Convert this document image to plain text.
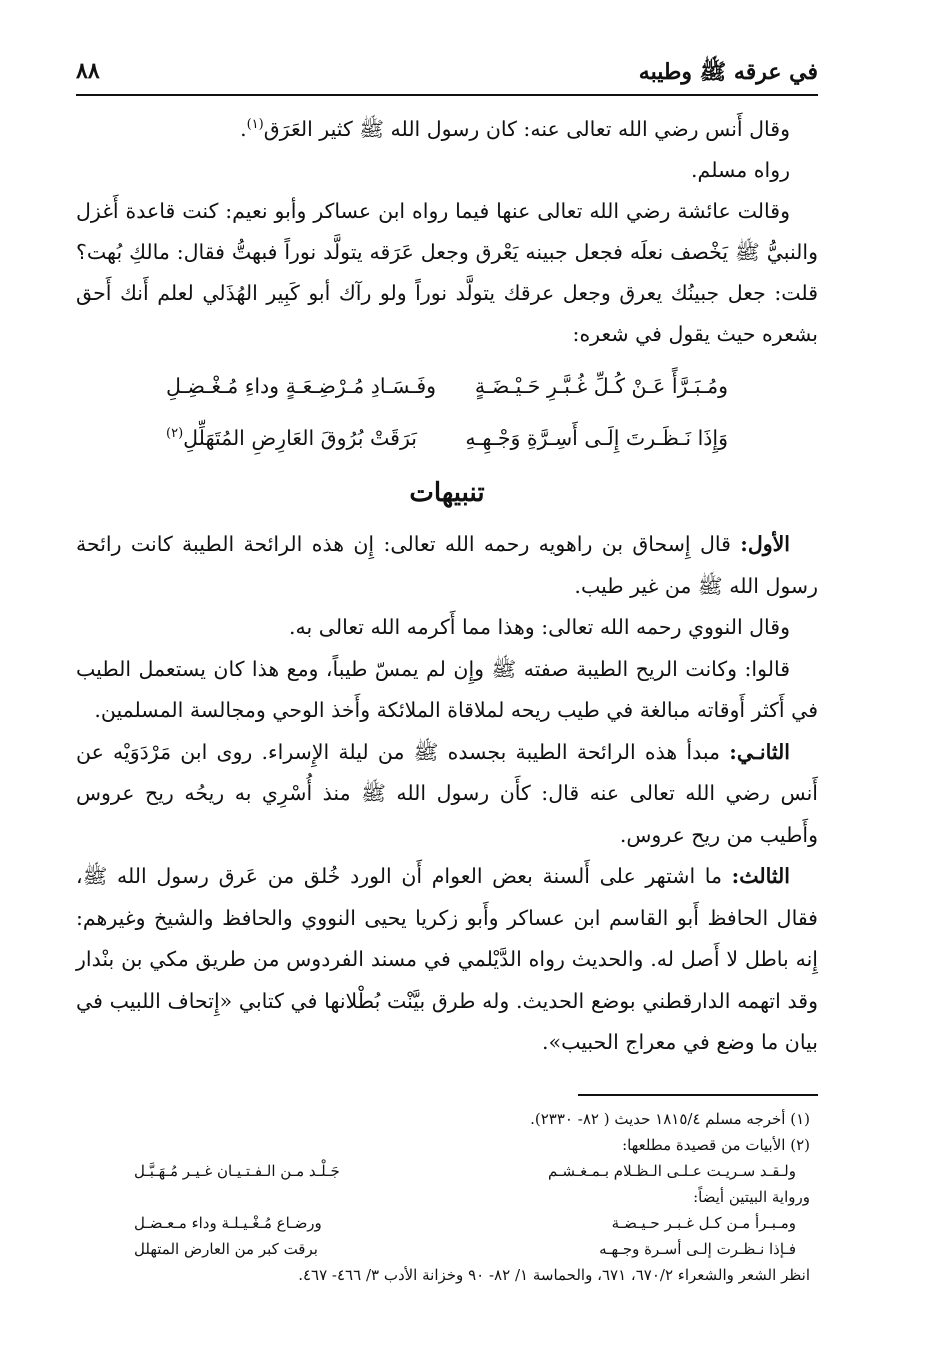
في عرقه ﷺ وطيبه
٨٨

وقال أَنس رضي الله تعالى عنه: كان رسول الله ﷺ كثير العَرَق$^{(١)}$.

رواه مسلم.

وقالت عائشة رضي الله تعالى عنها فيما رواه ابن عساكر وأبو نعيم: كنت قاعدة أَغزل والنبيُّ ﷺ يَخْصف نعلَه فجعل جبينه يَعْرق وجعل عَرَقه يتولَّد نوراً فبهتُّ فقال: مالكِ بُهت؟ قلت: جعل جبينُك يعرق وجعل عرقك يتولَّد نوراً ولو رآك أبو كَبِير الهُذَلي لعلم أَنك أَحق بشعره حيث يقول في شعره:

ومُـبَـرَّأً عَـنْ كُـلِّ غُـبَّـرِ حَـيْـضَـةٍ
وفَـسَـادِ مُـرْضِـعَـةٍ وداءِ مُـغْـضِـلِ
وَإِذَا نَـظَـرتَ إِلَـى أَسِـرَّةِ وَجْـهِـهِ
بَرَقَتْ بُرُوقَ العَارِضِ المُتَهَلِّلِ$^{(٢)}$
تنبيهات

الأول: قال إِسحاق بن راهويه رحمه الله تعالى: إِن هذه الرائحة الطيبة كانت رائحة رسول الله ﷺ من غير طيب.

وقال النووي رحمه الله تعالى: وهذا مما أَكرمه الله تعالى به.

قالوا: وكانت الريح الطيبة صفته ﷺ وإِن لم يمسّ طيباً، ومع هذا كان يستعمل الطيب في أَكثر أَوقاته مبالغة في طيب ريحه لملاقاة الملائكة وأَخذ الوحي ومجالسة المسلمين.

الثانـي: مبدأ هذه الرائحة الطيبة بجسده ﷺ من ليلة الإِسراء. روى ابن مَرْدَوَيْه عن أَنس رضي الله تعالى عنه قال: كأَن رسول الله ﷺ منذ أُسْرِي به ريحُه ريح عروس وأَطيب من ريح عروس.

الثالث: ما اشتهر على أَلسنة بعض العوام أَن الورد خُلق من عَرق رسول الله ﷺ، فقال الحافظ أَبو القاسم ابن عساكر وأَبو زكريا يحيى النووي والحافظ والشيخ وغيرهم: إِنه باطل لا أَصل له. والحديث رواه الدَّيْلمي في مسند الفردوس من طريق مكي بن بنْدار وقد اتهمه الدارقطني بوضع الحديث. وله طرق بيَّنْت بُطْلانها في كتابي «إِتحاف اللبيب في بيان ما وضع في معراج الحبيب».

(١) أخرجه مسلم ١٨١٥/٤ حديث ( ٨٢- ٢٣٣٠).

(٢) الأبيات من قصيدة مطلعها:

ولـقـد سـريـت عـلـى الـظـلام بـمـغـشـم
جَـلْـد مـن الـفـتـيـان غـيـر مُـهَـبَّـل

ورواية البيتين أيضاً:

ومـبـرأ مـن كـل غـبـر حـيـضـة
ورضـاع مُـغْـيـلـة وداء مـعـضـل
فـإذا نـظـرت إلـى أسـرة وجـهـه
برقت كبر من العارض المتهلل

انظر الشعر والشعراء ٦٧٠/٢، ٦٧١، والحماسة ١/ ٨٢- ٩٠ وخزانة الأدب ٣/ ٤٦٦- ٤٦٧.
